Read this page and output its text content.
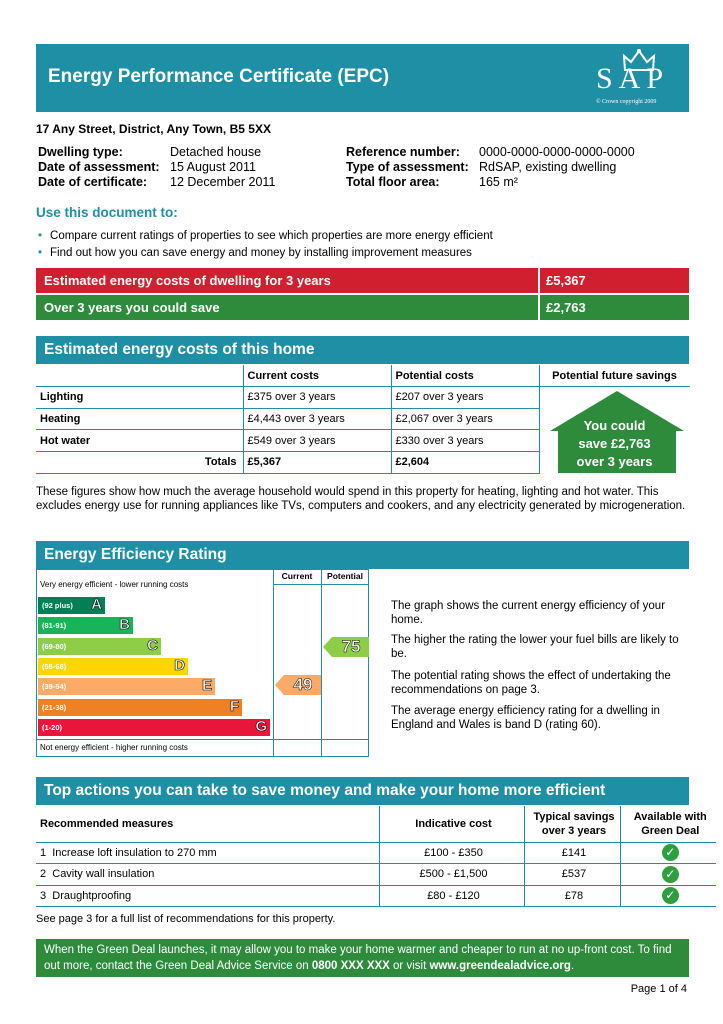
Energy Performance Certificate (EPC)	SAP
© Crown copyright 2009
17 Any Street, District, Any Town, B5 5XX
Dwelling type:	Detached house
Date of assessment: 15 August 2011
Date of certificate: 12 December 2011
Reference number: 0000-0000-0000-0000-0000
Type of assessment: RdSAP, existing dwelling
Total floor area:	165 m²
Use this document to:
• Compare current ratings of properties to see which properties are more energy efficient
• Find out how you can save energy and money by installing improvement measures
Estimated energy costs of dwelling for 3 years	£5,367
Over 3 years you could save	£2,763
Estimated energy costs of this home
	Current costs	Potential costs	Potential future savings
Lighting	£375 over 3 years	£207 over 3 years	You could
save £2,763
over 3 years

Heating	£4,443 over 3 years	£2,067 over 3 years	
Hot water	£549 over 3 years	£330 over 3 years	
Totals	£5,367	£2,604	
These figures show how much the average household would spend in this property for heating, lighting and hot water. This excludes energy use for running appliances like TVs, computers and cookers, and any electricity generated by microgeneration.
Energy Efficiency Rating
Current	Potential
Very energy efficient - lower running costs
Not energy efficient - higher running costs
(92 plus) A
(81-91)	B
(69-80)	C
(55-68)	D
(39-54)	E
(21-38)	F
(1-20)	G
49
75
The graph shows the current energy efficiency of your home.
The higher the rating the lower your fuel bills are likely to be.
The potential rating shows the effect of undertaking the recommendations on page 3.
The average energy efficiency rating for a dwelling in England and Wales is band D (rating 60).
Top actions you can take to save money and make your home more efficient
Recommended measures	Indicative cost	Typical savings over 3 years	Available with Green Deal
1 Increase loft insulation to 270 mm	£100 - £350	£141	✓
2 Cavity wall insulation	£500 - £1,500	£537	✓
3 Draughtproofing	£80 - £120	£78	✓
See page 3 for a full list of recommendations for this property.
When the Green Deal launches, it may allow you to make your home warmer and cheaper to run at no up-front cost. To find out more, contact the Green Deal Advice Service on 0800 XXX XXX or visit www.greendealadvice.org.
Page 1 of 4
